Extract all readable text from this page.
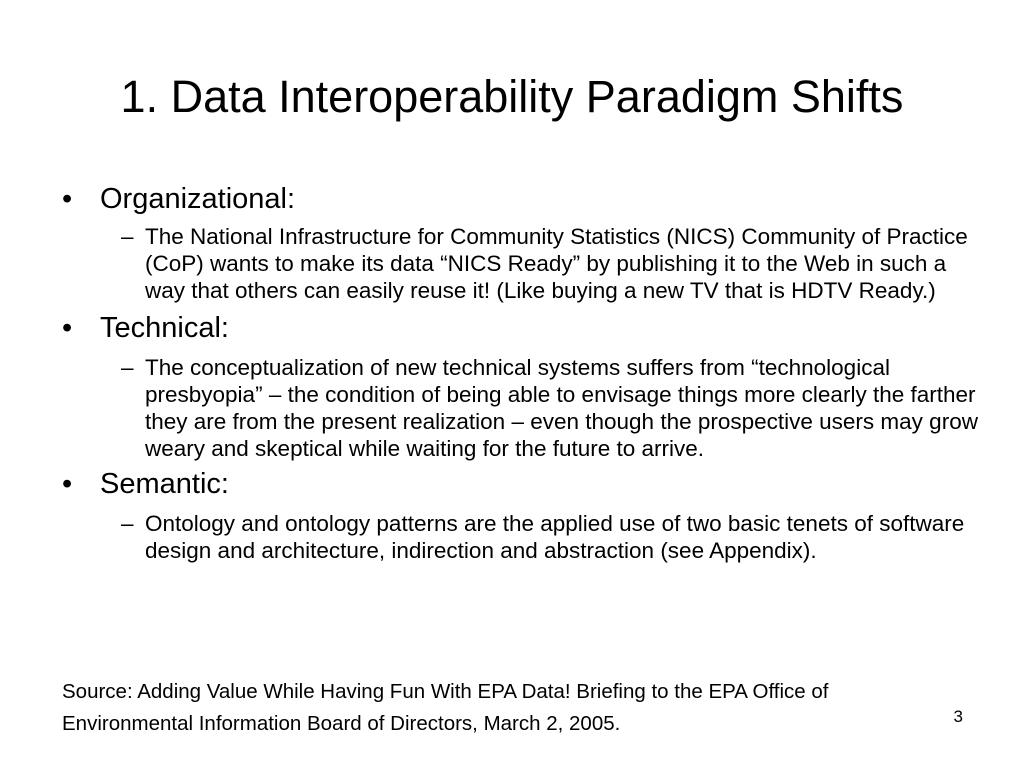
1. Data Interoperability Paradigm Shifts
• Organizational:
– The National Infrastructure for Community Statistics (NICS) Community of Practice (CoP) wants to make its data “NICS Ready” by publishing it to the Web in such a way that others can easily reuse it! (Like buying a new TV that is HDTV Ready.)
• Technical:
– The conceptualization of new technical systems suffers from “technological presbyopia” – the condition of being able to envisage things more clearly the farther they are from the present realization – even though the prospective users may grow weary and skeptical while waiting for the future to arrive.
• Semantic:
– Ontology and ontology patterns are the applied use of two basic tenets of software design and architecture, indirection and abstraction (see Appendix).
Source: Adding Value While Having Fun With EPA Data! Briefing to the EPA Office of Environmental Information Board of Directors, March 2, 2005.	3
